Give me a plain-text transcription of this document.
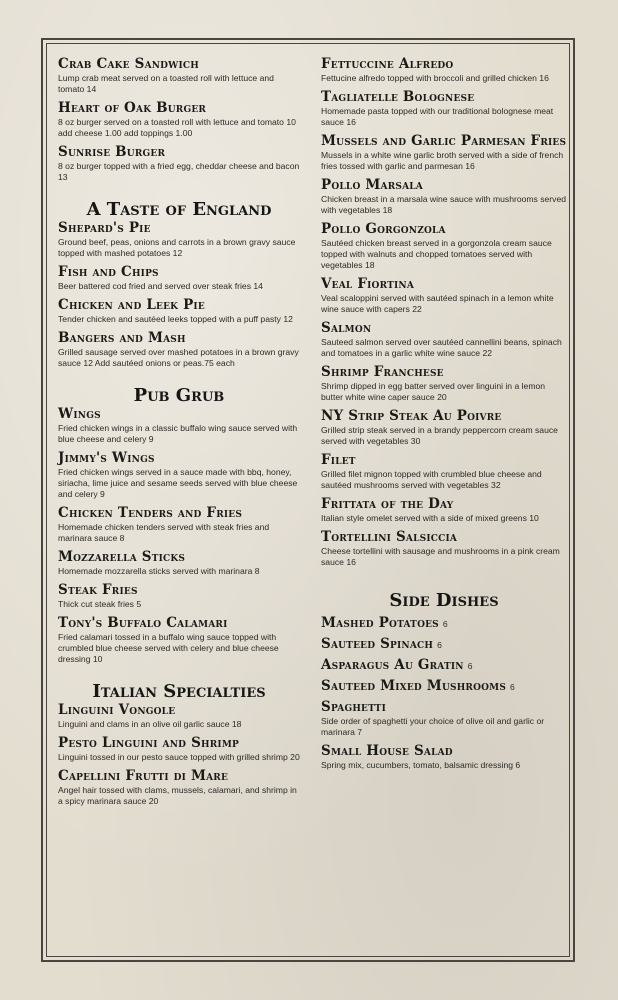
Crab Cake Sandwich
Lump crab meat served on a toasted roll with lettuce and tomato 14
Heart of Oak Burger
8 oz burger served on a toasted roll with lettuce and tomato 10 add cheese 1.00 add toppings 1.00
Sunrise Burger
8 oz burger topped with a fried egg, cheddar cheese and bacon 13
A Taste of England
Shepard's Pie
Ground beef, peas, onions and carrots in a brown gravy sauce topped with mashed potatoes 12
Fish and Chips
Beer battered cod fried and served over steak fries 14
Chicken and Leek Pie
Tender chicken and sautéed leeks topped with a puff pasty 12
Bangers and Mash
Grilled sausage served over mashed potatoes in a brown gravy sauce 12 Add sautéed onions or peas.75 each
Pub Grub
Wings
Fried chicken wings in a classic buffalo wing sauce served with blue cheese and celery 9
Jimmy's Wings
Fried chicken wings served in a sauce made with bbq, honey, siriacha, lime juice and sesame seeds served with blue cheese and celery 9
Chicken Tenders and Fries
Homemade chicken tenders served with steak fries and marinara sauce 8
Mozzarella Sticks
Homemade mozzarella sticks served with marinara 8
Steak Fries
Thick cut steak fries 5
Tony's Buffalo Calamari
Fried calamari tossed in a buffalo wing sauce topped with crumbled blue cheese served with celery and blue cheese dressing 10
Italian Specialties
Linguini Vongole
Linguini and clams in an olive oil garlic sauce 18
Pesto Linguini and Shrimp
Linguini tossed in our pesto sauce topped with grilled shrimp 20
Capellini Frutti di Mare
Angel hair tossed with clams, mussels, calamari, and shrimp in a spicy marinara sauce 20
Fettuccine Alfredo
Fettucine alfredo topped with broccoli and grilled chicken 16
Tagliatelle Bolognese
Homemade pasta topped with our traditional bolognese meat sauce 16
Mussels and Garlic Parmesan Fries
Mussels in a white wine garlic broth served with a side of french fries tossed with garlic and parmesan 16
Pollo Marsala
Chicken breast in a marsala wine sauce with mushrooms served with vegetables 18
Pollo Gorgonzola
Sautéed chicken breast served in a gorgonzola cream sauce topped with walnuts and chopped tomatoes served with vegetables 18
Veal Fiortina
Veal scaloppini served with sautéed spinach in a lemon white wine sauce with capers 22
Salmon
Sauteed salmon served over sautéed cannellini beans, spinach and tomatoes in a garlic white wine sauce 22
Shrimp Franchese
Shrimp dipped in egg batter served over linguini in a lemon butter white wine caper sauce 20
NY Strip Steak Au Poivre
Grilled strip steak served in a brandy peppercorn cream sauce served with vegetables 30
Filet
Grilled filet mignon topped with crumbled blue cheese and sautéed mushrooms served with vegetables 32
Frittata of the Day
Italian style omelet served with a side of mixed greens 10
Tortellini Salsiccia
Cheese tortellini with sausage and mushrooms in a pink cream sauce 16
Side Dishes
Mashed Potatoes 6
Sauteed Spinach 6
Asparagus Au Gratin 6
Sauteed Mixed Mushrooms 6
Spaghetti
Side order of spaghetti your choice of olive oil and garlic or marinara 7
Small House Salad
Spring mix, cucumbers, tomato, balsamic dressing 6
